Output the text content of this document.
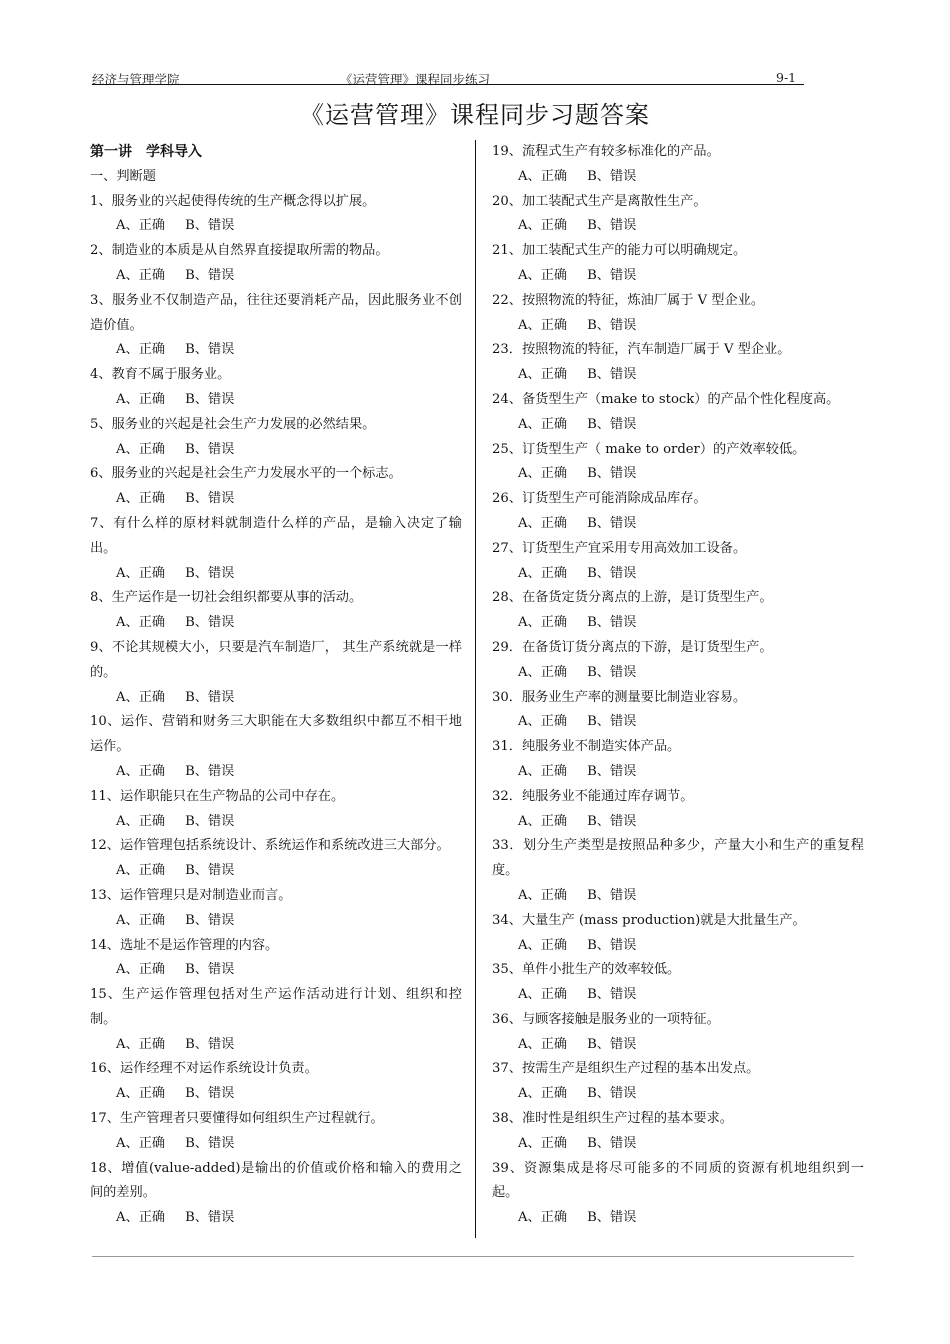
经济与管理学院	《运营管理》课程同步练习	9-1
《运营管理》课程同步习题答案

第一讲　学科导入

一、判断题

1、服务业的兴起使得传统的生产概念得以扩展。

A、正确 B、错误

2、制造业的本质是从自然界直接提取所需的物品。

A、正确 B、错误

3、服务业不仅制造产品，往往还要消耗产品，因此服务业不创造价值。

A、正确 B、错误

4、教育不属于服务业。

A、正确 B、错误

5、服务业的兴起是社会生产力发展的必然结果。

A、正确 B、错误

6、服务业的兴起是社会生产力发展水平的一个标志。

A、正确 B、错误

7、有什么样的原材料就制造什么样的产品，是输入决定了输出。

A、正确 B、错误

8、生产运作是一切社会组织都要从事的活动。

A、正确 B、错误

9、不论其规模大小，只要是汽车制造厂， 其生产系统就是一样的。

A、正确 B、错误

10、运作、营销和财务三大职能在大多数组织中都互不相干地运作。

A、正确 B、错误

11、运作职能只在生产物品的公司中存在。

A、正确 B、错误

12、运作管理包括系统设计、系统运作和系统改进三大部分。

A、正确 B、错误

13、运作管理只是对制造业而言。

A、正确 B、错误

14、选址不是运作管理的内容。

A、正确 B、错误

15、生产运作管理包括对生产运作活动进行计划、组织和控制。

A、正确 B、错误

16、运作经理不对运作系统设计负责。

A、正确 B、错误

17、生产管理者只要懂得如何组织生产过程就行。

A、正确 B、错误

18、增值(value-added)是输出的价值或价格和输入的费用之间的差别。

A、正确 B、错误

19、流程式生产有较多标准化的产品。

A、正确 B、错误

20、加工装配式生产是离散性生产。

A、正确 B、错误

21、加工装配式生产的能力可以明确规定。

A、正确 B、错误

22、按照物流的特征，炼油厂属于 V 型企业。

A、正确 B、错误

23．按照物流的特征，汽车制造厂属于 V 型企业。

A、正确 B、错误

24、备货型生产（make to stock）的产品个性化程度高。

A、正确 B、错误

25、订货型生产（ make to order）的产效率较低。

A、正确 B、错误

26、订货型生产可能消除成品库存。

A、正确 B、错误

27、订货型生产宜采用专用高效加工设备。

A、正确 B、错误

28、在备货定货分离点的上游，是订货型生产。

A、正确 B、错误

29．在备货订货分离点的下游，是订货型生产。

A、正确 B、错误

30．服务业生产率的测量要比制造业容易。

A、正确 B、错误

31．纯服务业不制造实体产品。

A、正确 B、错误

32．纯服务业不能通过库存调节。

A、正确 B、错误

33．划分生产类型是按照品种多少，产量大小和生产的重复程度。

A、正确 B、错误

34、大量生产 (mass production)就是大批量生产。

A、正确 B、错误

35、单件小批生产的效率较低。

A、正确 B、错误

36、与顾客接触是服务业的一项特征。

A、正确 B、错误

37、按需生产是组织生产过程的基本出发点。

A、正确 B、错误

38、准时性是组织生产过程的基本要求。

A、正确 B、错误

39、资源集成是将尽可能多的不同质的资源有机地组织到一起。

A、正确 B、错误
